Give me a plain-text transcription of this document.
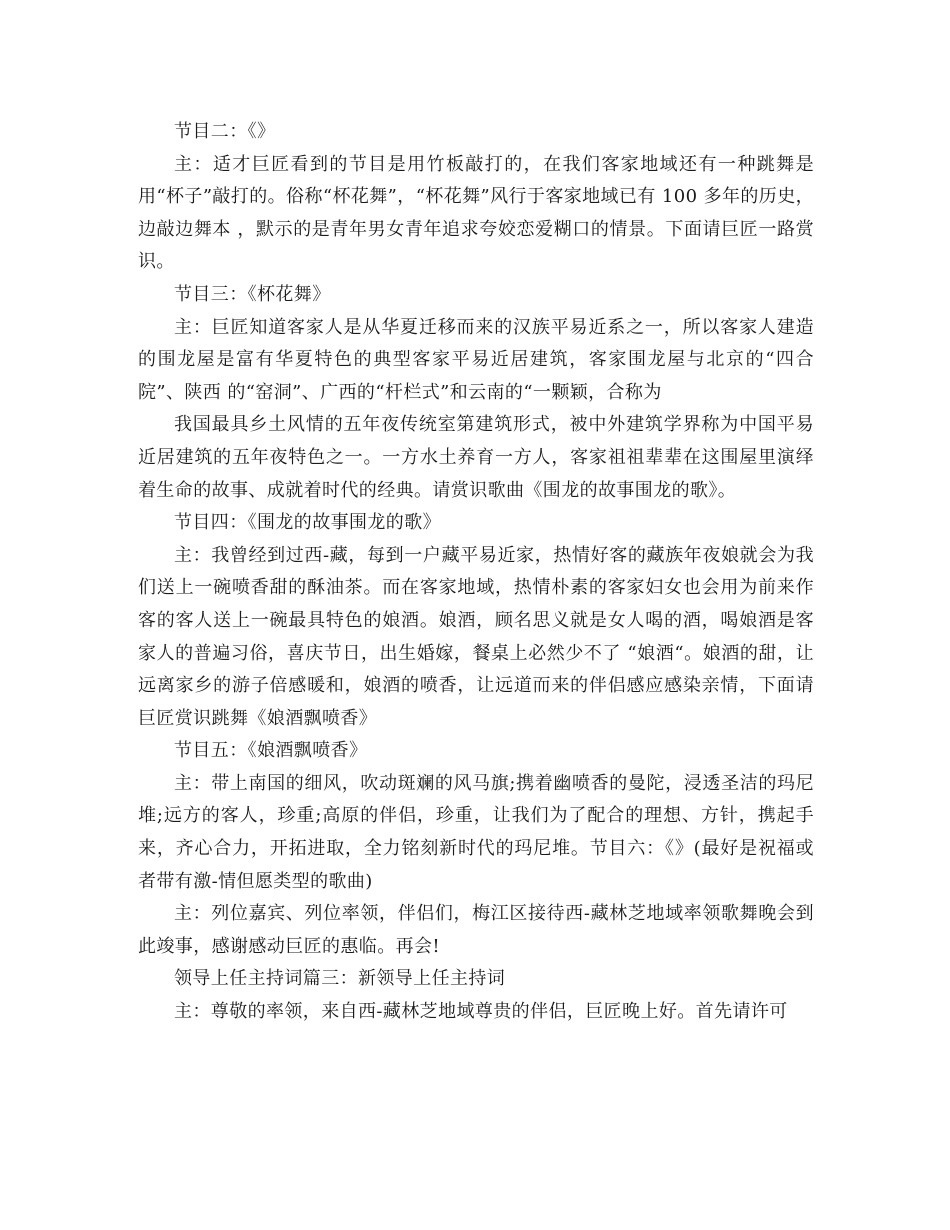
节目二：《》

主：适才巨匠看到的节目是用竹板敲打的，在我们客家地域还有一种跳舞是用“杯子”敲打的。俗称“杯花舞”，“杯花舞”风行于客家地域已有 100 多年的历史，边敲边舞本 ，默示的是青年男女青年追求夸姣恋爱糊口的情景。下面请巨匠一路赏识。

节目三：《杯花舞》

主：巨匠知道客家人是从华夏迁移而来的汉族平易近系之一，所以客家人建造的围龙屋是富有华夏特色的典型客家平易近居建筑，客家围龙屋与北京的“四合院”、陕西 的“窑洞”、广西的“杆栏式”和云南的“一颗颖，合称为

我国最具乡土风情的五年夜传统室第建筑形式，被中外建筑学界称为中国平易近居建筑的五年夜特色之一。一方水土养育一方人，客家祖祖辈辈在这围屋里演绎着生命的故事、成就着时代的经典。请赏识歌曲《围龙的故事围龙的歌》。

节目四：《围龙的故事围龙的歌》

主：我曾经到过西-藏，每到一户藏平易近家，热情好客的藏族年夜娘就会为我们送上一碗喷香甜的酥油茶。而在客家地域，热情朴素的客家妇女也会用为前来作客的客人送上一碗最具特色的娘酒。娘酒，顾名思义就是女人喝的酒，喝娘酒是客家人的普遍习俗，喜庆节日，出生婚嫁，餐桌上必然少不了 “娘酒“。娘酒的甜，让远离家乡的游子倍感暖和，娘酒的喷香，让远道而来的伴侣感应感染亲情，下面请巨匠赏识跳舞《娘酒飘喷香》

节目五：《娘酒飘喷香》

主：带上南国的细风，吹动斑斓的风马旗;携着幽喷香的曼陀，浸透圣洁的玛尼堆;远方的客人，珍重;高原的伴侣，珍重，让我们为了配合的理想、方针，携起手来，齐心合力，开拓进取，全力铭刻新时代的玛尼堆。节目六：《》(最好是祝福或者带有激-情但愿类型的歌曲)

主：列位嘉宾、列位率领，伴侣们，梅江区接待西-藏林芝地域率领歌舞晚会到此竣事，感谢感动巨匠的惠临。再会!

领导上任主持词篇三：新领导上任主持词

主：尊敬的率领，来自西-藏林芝地域尊贵的伴侣，巨匠晚上好。首先请许可
